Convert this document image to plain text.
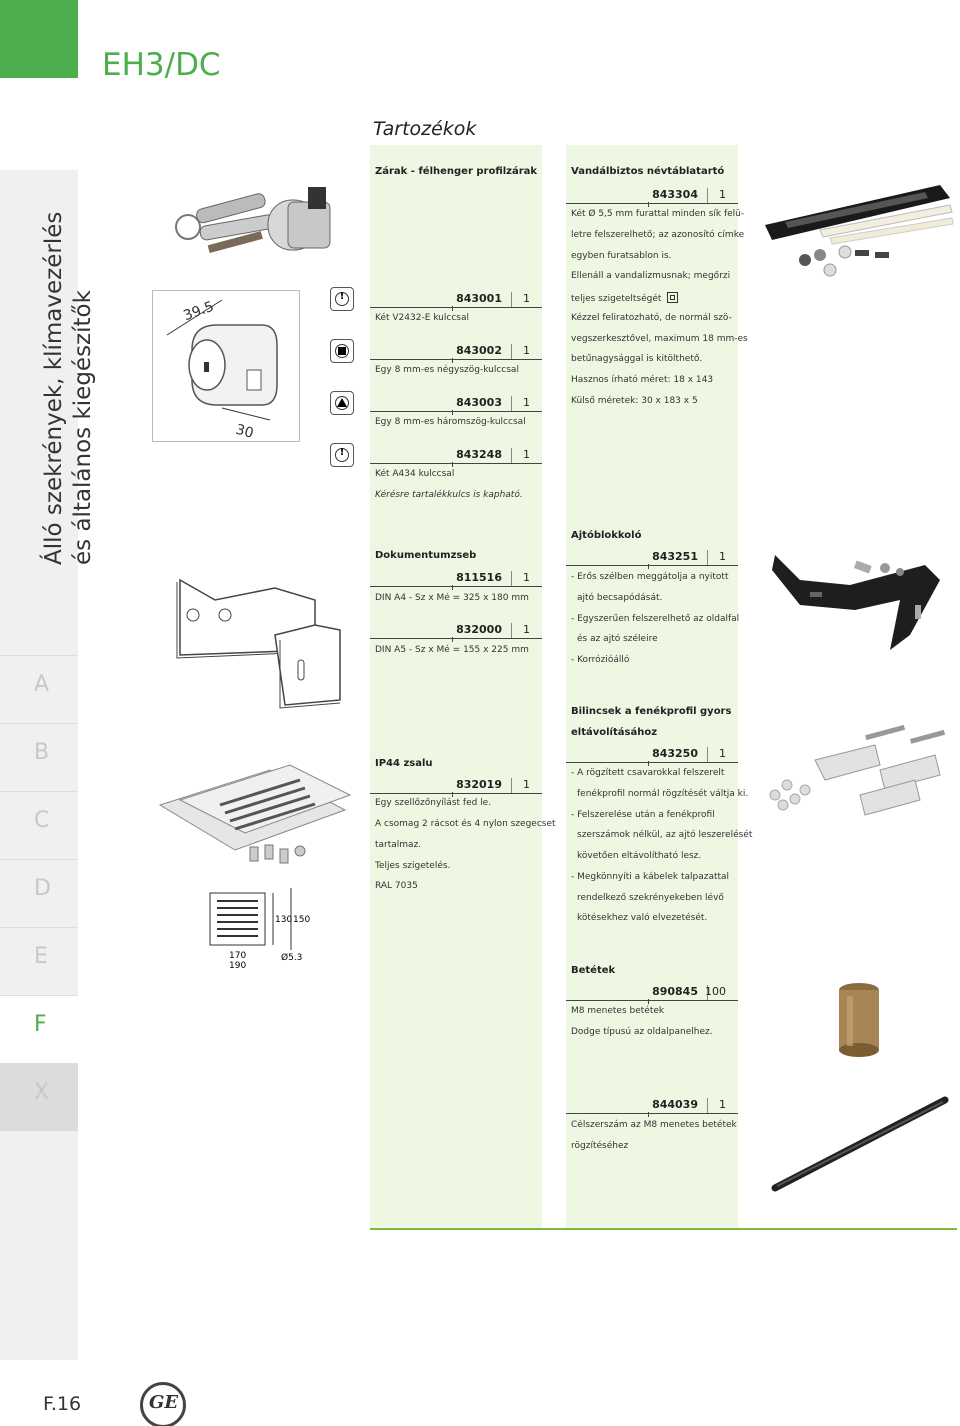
EH3/DC
Tartozékok
Álló szekrények, klímavezérlés és általános kiegészítők
A
B
C
D
E
F
X
F.16	GE
Zárak - félhenger profilzárak
843001 1
Két V2432-E kulccsal
843002 1
Egy 8 mm-es négyszög-kulccsal
843003 1
Egy 8 mm-es háromszög-kulccsal
843248 1
Két A434 kulccsal
Kérésre tartalékkulcs is kapható.
!
!
39.5
30
Dokumentumzseb
811516 1
DIN A4 - Sz x Mé = 325 x 180 mm
832000 1
DIN A5 - Sz x Mé = 155 x 225 mm
IP44 zsalu
832019 1
Egy szellőzőnyílást fed le.
A csomag 2 rácsot és 4 nylon szegecset
tartalmaz.
Teljes szigetelés.
RAL 7035
130 150
170
190
Ø5.3
Vandálbiztos névtáblatartó
843304 1
Két Ø 5,5 mm furattal minden sík felü-
letre felszerelhető; az azonosító címke
egyben furatsablon is.
Ellenáll a vandalizmusnak; megőrzi
teljes szigeteltségét
Kézzel feliratozható, de normál szö-
vegszerkesztővel, maximum 18 mm-es
betűnagysággal is kitölthető.
Hasznos írható méret: 18 x 143
Külső méretek: 30 x 183 x 5
Ajtóblokkoló
843251 1
- Erős szélben meggátolja a nyitott
ajtó becsapódását.
- Egyszerűen felszerelhető az oldalfal
és az ajtó széleire
- Korrózióálló
Bilincsek a fenékprofil gyors
eltávolításához
843250 1
- A rögzített csavarokkal felszerelt
fenékprofil normál rögzítését váltja ki.
- Felszerelése után a fenékprofil
szerszámok nélkül, az ajtó leszerelését
követően eltávolítható lesz.
- Megkönnyíti a kábelek talpazattal
rendelkező szekrényekeben lévő
kötésekhez való elvezetését.
Betétek
890845 100
M8 menetes betétek
Dodge típusú az oldalpanelhez.
844039 1
Célszerszám az M8 menetes betétek
rögzítéséhez
